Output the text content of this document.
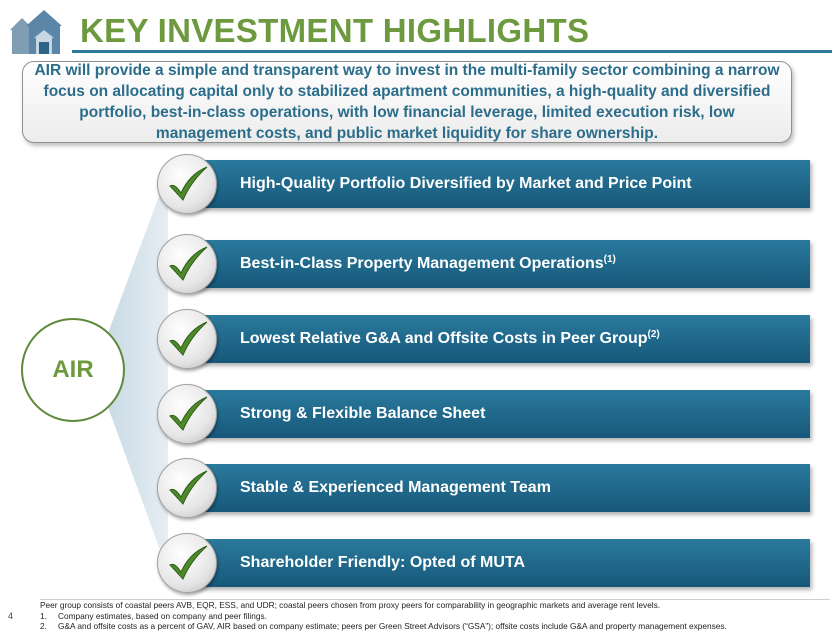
KEY INVESTMENT HIGHLIGHTS
AIR will provide a simple and transparent way to invest in the multi-family sector combining a narrow focus on allocating capital only to stabilized apartment communities, a high-quality and diversified portfolio, best-in-class operations, with low financial leverage, limited execution risk, low management costs, and public market liquidity for share ownership.
AIR
High-Quality Portfolio Diversified by Market and Price Point
Best-in-Class Property Management Operations$^{(1)}$
Lowest Relative G&A and Offsite Costs in Peer Group$^{(2)}$
Strong & Flexible Balance Sheet
Stable & Experienced Management Team
Shareholder Friendly: Opted of MUTA
4
Peer group consists of coastal peers AVB, EQR, ESS, and UDR; coastal peers chosen from proxy peers for comparability in geographic markets and average rent levels.
1. Company estimates, based on company and peer filings.
2. G&A and offsite costs as a percent of GAV, AIR based on company estimate; peers per Green Street Advisors (“GSA”); offsite costs include G&A and property management expenses.
